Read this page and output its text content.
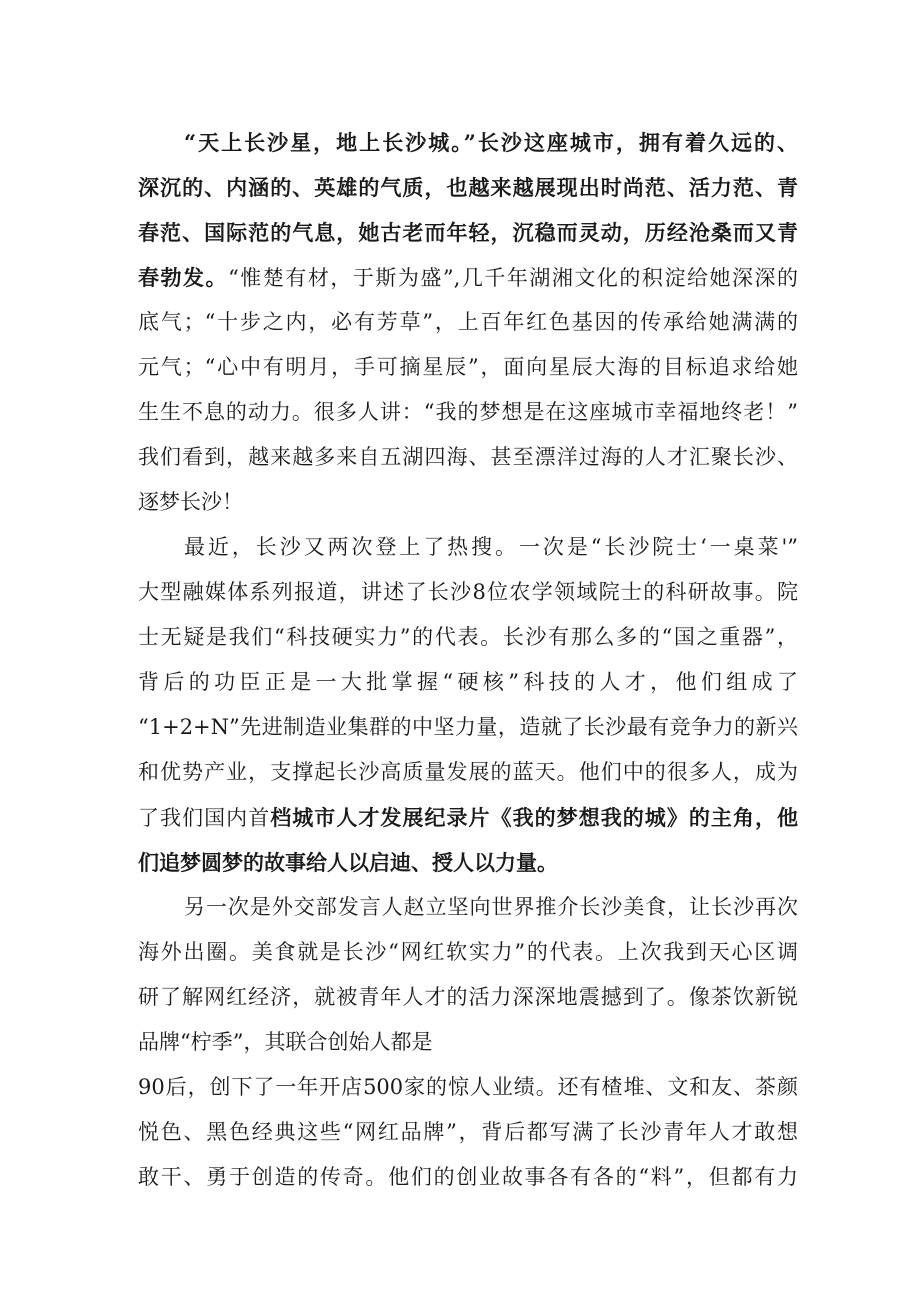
“天上长沙星，地上长沙城。”长沙这座城市，拥有着久远的、
深沉的、内涵的、英雄的气质，也越来越展现出时尚范、活力范、青
春范、国际范的气息，她古老而年轻，沉稳而灵动，历经沧桑而又青
春勃发。“惟楚有材，于斯为盛”,几千年湖湘文化的积淀给她深深的
底气；“十步之内，必有芳草”，上百年红色基因的传承给她满满的
元气；“心中有明月，手可摘星辰”，面向星辰大海的目标追求给她
生生不息的动力。很多人讲：“我的梦想是在这座城市幸福地终老！”
我们看到，越来越多来自五湖四海、甚至漂洋过海的人才汇聚长沙、
逐梦长沙！
最近，长沙又两次登上了热搜。一次是“长沙院士‘一桌菜'”
大型融媒体系列报道，讲述了长沙8位农学领域院士的科研故事。院
士无疑是我们“科技硬实力”的代表。长沙有那么多的“国之重器”，
背后的功臣正是一大批掌握“硬核”科技的人才，他们组成了
“1+2+N”先进制造业集群的中坚力量，造就了长沙最有竞争力的新兴
和优势产业，支撑起长沙高质量发展的蓝天。他们中的很多人，成为
了我们国内首档城市人才发展纪录片《我的梦想我的城》的主角，他
们追梦圆梦的故事给人以启迪、授人以力量。
另一次是外交部发言人赵立坚向世界推介长沙美食，让长沙再次
海外出圈。美食就是长沙“网红软实力”的代表。上次我到天心区调
研了解网红经济，就被青年人才的活力深深地震撼到了。像茶饮新锐
品牌“柠季”，其联合创始人都是
90后，创下了一年开店500家的惊人业绩。还有楂堆、文和友、茶颜
悦色、黑色经典这些“网红品牌”，背后都写满了长沙青年人才敢想
敢干、勇于创造的传奇。他们的创业故事各有各的“料”，但都有力
